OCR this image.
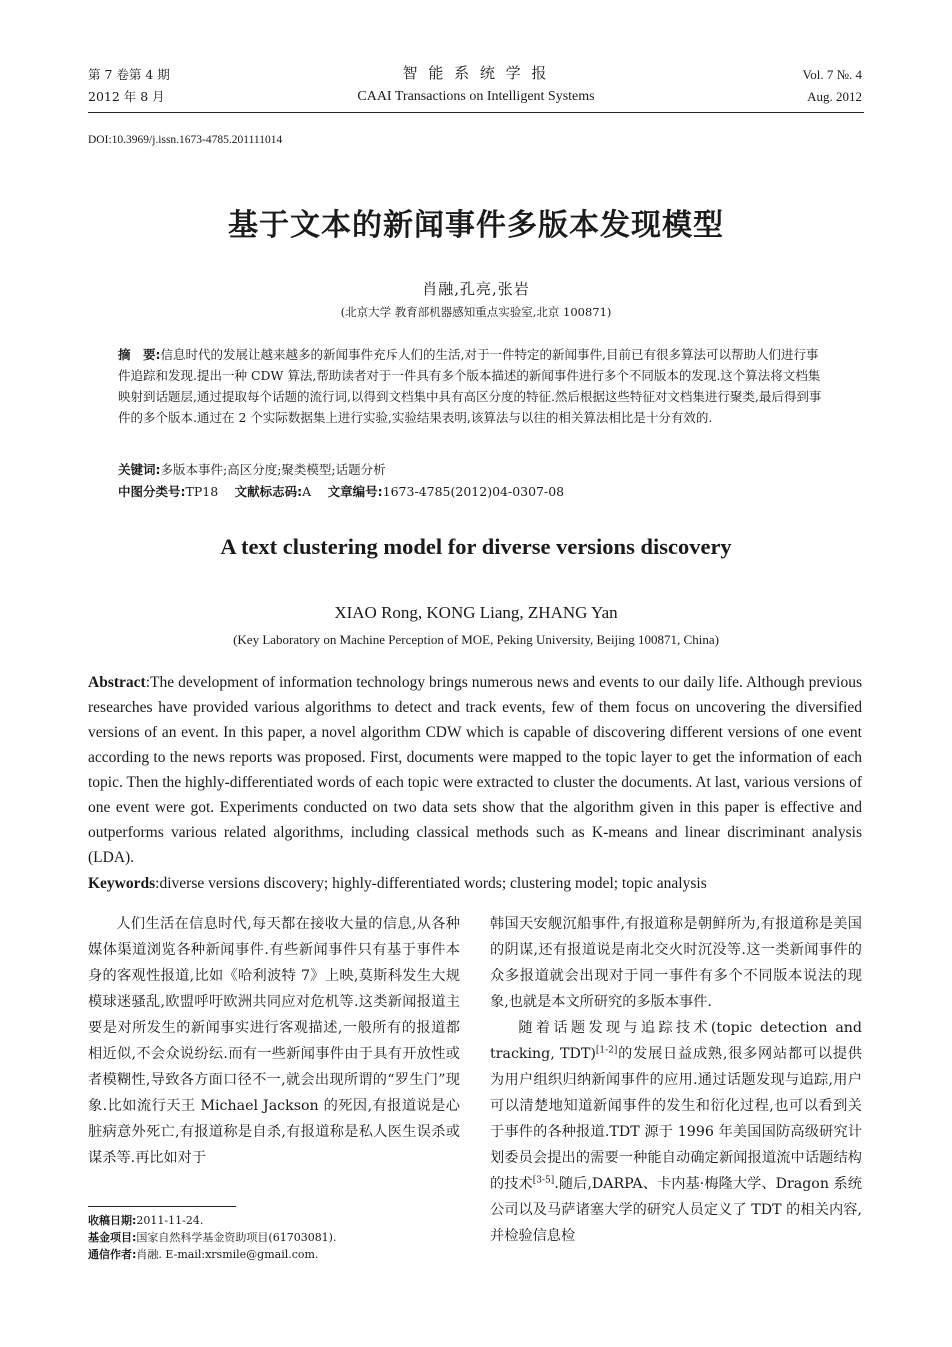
第 7 卷第 4 期
2012 年 8 月
智 能 系 统 学 报
CAAI Transactions on Intelligent Systems
Vol. 7 №. 4
Aug. 2012
DOI:10.3969/j.issn.1673-4785.201111014
基于文本的新闻事件多版本发现模型
肖融,孔亮,张岩
(北京大学 教育部机器感知重点实验室,北京 100871)
摘　要:信息时代的发展让越来越多的新闻事件充斥人们的生活,对于一件特定的新闻事件,目前已有很多算法可以帮助人们进行事件追踪和发现.提出一种 CDW 算法,帮助读者对于一件具有多个版本描述的新闻事件进行多个不同版本的发现.这个算法将文档集映射到话题层,通过提取每个话题的流行词,以得到文档集中具有高区分度的特征.然后根据这些特征对文档集进行聚类,最后得到事件的多个版本.通过在 2 个实际数据集上进行实验,实验结果表明,该算法与以往的相关算法相比是十分有效的.
关键词:多版本事件;高区分度;聚类模型;话题分析
中图分类号:TP18  文献标志码:A  文章编号:1673-4785(2012)04-0307-08
A text clustering model for diverse versions discovery
XIAO Rong, KONG Liang, ZHANG Yan
(Key Laboratory on Machine Perception of MOE, Peking University, Beijing 100871, China)
Abstract:The development of information technology brings numerous news and events to our daily life. Although previous researches have provided various algorithms to detect and track events, few of them focus on uncovering the diversified versions of an event. In this paper, a novel algorithm CDW which is capable of discovering different versions of one event according to the news reports was proposed. First, documents were mapped to the topic layer to get the information of each topic. Then the highly-differentiated words of each topic were extracted to cluster the documents. At last, various versions of one event were got. Experiments conducted on two data sets show that the algorithm given in this paper is effective and outperforms various related algorithms, including classical methods such as K-means and linear discriminant analysis (LDA).
Keywords:diverse versions discovery; highly-differentiated words; clustering model; topic analysis

人们生活在信息时代,每天都在接收大量的信息,从各种媒体渠道浏览各种新闻事件.有些新闻事件只有基于事件本身的客观性报道,比如《哈利波特 7》上映,莫斯科发生大规模球迷骚乱,欧盟呼吁欧洲共同应对危机等.这类新闻报道主要是对所发生的新闻事实进行客观描述,一般所有的报道都相近似,不会众说纷纭.而有一些新闻事件由于具有开放性或者模糊性,导致各方面口径不一,就会出现所谓的“罗生门”现象.比如流行天王 Michael Jackson 的死因,有报道说是心脏病意外死亡,有报道称是自杀,有报道称是私人医生误杀或谋杀等.再比如对于

韩国天安舰沉船事件,有报道称是朝鲜所为,有报道称是美国的阴谋,还有报道说是南北交火时沉没等.这一类新闻事件的众多报道就会出现对于同一事件有多个不同版本说法的现象,也就是本文所研究的多版本事件.

随着话题发现与追踪技术(topic detection and tracking, TDT)[1-2]的发展日益成熟,很多网站都可以提供为用户组织归纳新闻事件的应用.通过话题发现与追踪,用户可以清楚地知道新闻事件的发生和衍化过程,也可以看到关于事件的各种报道.TDT 源于 1996 年美国国防高级研究计划委员会提出的需要一种能自动确定新闻报道流中话题结构的技术[3-5].随后,DARPA、卡内基·梅隆大学、Dragon 系统公司以及马萨诸塞大学的研究人员定义了 TDT 的相关内容,并检验信息检

收稿日期:2011-11-24.
基金项目:国家自然科学基金资助项目(61703081).
通信作者:肖融. E-mail:xrsmile@gmail.com.
